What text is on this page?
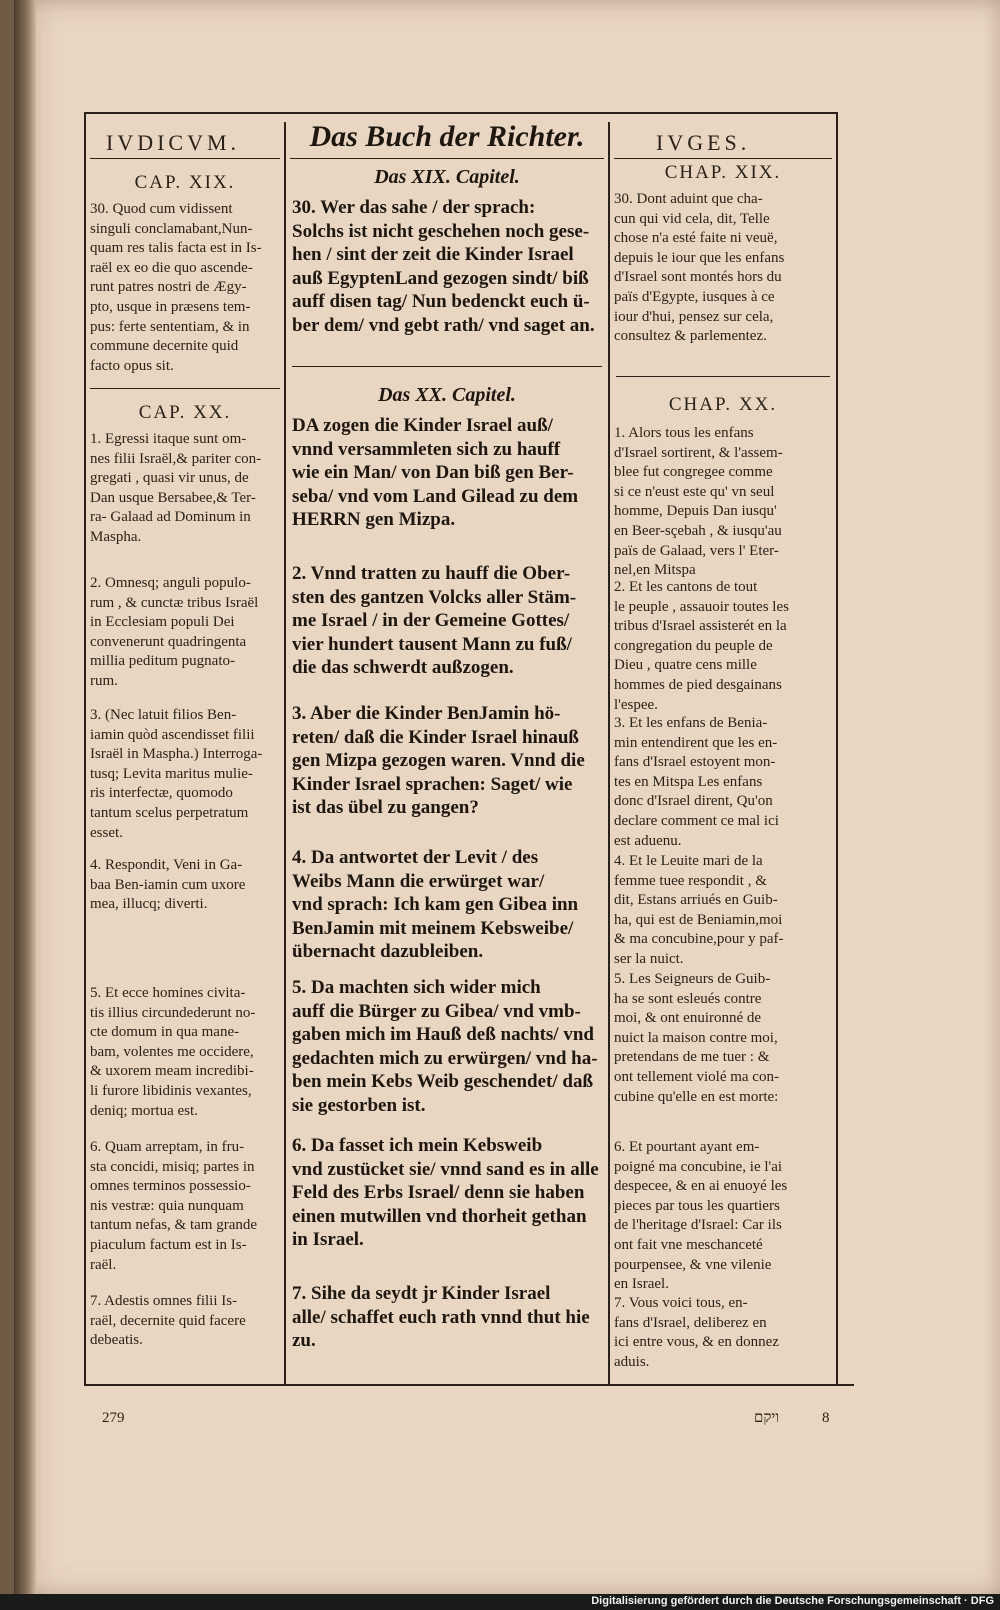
IVDICVM.	Das Buch der Richter.	IVGES.
CAP. XIX.	Das XIX. Capitel.	CHAP. XIX.
30. Quod cum vidissent
singuli conclamabant,Nun-
quam res talis facta est in Is-
raël ex eo die quo ascende-
runt patres nostri de Ægy-
pto, usque in præsens tem-
pus: ferte sententiam, & in
commune decernite quid
facto opus sit.
30. Wer das sahe / der sprach:
Solchs ist nicht geschehen noch gese-
hen / sint der zeit die Kinder Israel
auß EgyptenLand gezogen sindt/ biß
auff disen tag/ Nun bedenckt euch ü-
ber dem/ vnd gebt rath/ vnd saget an.
30. Dont aduint que cha-
cun qui vid cela, dit, Telle
chose n'a esté faite ni veuë,
depuis le iour que les enfans
d'Israel sont montés hors du
païs d'Egypte, iusques à ce
iour d'hui, pensez sur cela,
consultez & parlementez.
CAP. XX.
Das XX. Capitel.	CHAP. XX.
1. Egressi itaque sunt om-
nes filii Israël,& pariter con-
gregati , quasi vir unus, de
Dan usque Bersabee,& Ter-
ra- Galaad ad Dominum in
Maspha.
DA zogen die Kinder Israel auß/
vnnd versammleten sich zu hauff
wie ein Man/ von Dan biß gen Ber-
seba/ vnd vom Land Gilead zu dem
HERRN gen Mizpa.
1. Alors tous les enfans
d'Israel sortirent, & l'assem-
blee fut congregee comme
si ce n'eust este qu' vn seul
homme, Depuis Dan iusqu'
en Beer-sçebah , & iusqu'au
païs de Galaad, vers l' Eter-
nel,en Mitspa
2. Omnesq; anguli populo-
rum , & cunctæ tribus Israël
in Ecclesiam populi Dei
convenerunt quadringenta
millia peditum pugnato-
rum.
2. Vnnd tratten zu hauff die Ober-
sten des gantzen Volcks aller Stäm-
me Israel / in der Gemeine Gottes/
vier hundert tausent Mann zu fuß/
die das schwerdt außzogen.
2. Et les cantons de tout
le peuple , assauoir toutes les
tribus d'Israel assisterét en la
congregation du peuple de
Dieu , quatre cens mille
hommes de pied desgainans
l'espee.
3. (Nec latuit filios Ben-
iamin quòd ascendisset filii
Israël in Maspha.) Interroga-
tusq; Levita maritus mulie-
ris interfectæ, quomodo
tantum scelus perpetratum
esset.
3. Aber die Kinder BenJamin hö-
reten/ daß die Kinder Israel hinauß
gen Mizpa gezogen waren. Vnnd die
Kinder Israel sprachen: Saget/ wie
ist das übel zu gangen?
3. Et les enfans de Benia-
min entendirent que les en-
fans d'Israel estoyent mon-
tes en Mitspa Les enfans
donc d'Israel dirent, Qu'on
declare comment ce mal ici
est aduenu.
4. Respondit, Veni in Ga-
baa Ben-iamin cum uxore
mea, illucq; diverti.
4. Da antwortet der Levit / des
Weibs Mann die erwürget war/
vnd sprach: Ich kam gen Gibea inn
BenJamin mit meinem Kebsweibe/
übernacht dazubleiben.
4. Et le Leuite mari de la
femme tuee respondit , &
dit, Estans arriués en Guib-
ha, qui est de Beniamin,moi
& ma concubine,pour y paf-
ser la nuict.
5. Et ecce homines civita-
tis illius circundederunt no-
cte domum in qua mane-
bam, volentes me occidere,
& uxorem meam incredibi-
li furore libidinis vexantes,
deniq; mortua est.
5. Da machten sich wider mich
auff die Bürger zu Gibea/ vnd vmb-
gaben mich im Hauß deß nachts/ vnd
gedachten mich zu erwürgen/ vnd ha-
ben mein Kebs Weib geschendet/ daß
sie gestorben ist.
5. Les Seigneurs de Guib-
ha se sont esleués contre
moi, & ont enuironné de
nuict la maison contre moi,
pretendans de me tuer : &
ont tellement violé ma con-
cubine qu'elle en est morte:
6. Quam arreptam, in fru-
sta concidi, misiq; partes in
omnes terminos possessio-
nis vestræ: quia nunquam
tantum nefas, & tam grande
piaculum factum est in Is-
raël.
6. Da fasset ich mein Kebsweib
vnd zustücket sie/ vnnd sand es in alle
Feld des Erbs Israel/ denn sie haben
einen mutwillen vnd thorheit gethan
in Israel.
6. Et pourtant ayant em-
poigné ma concubine, ie l'ai
despecee, & en ai enuoyé les
pieces par tous les quartiers
de l'heritage d'Israel: Car ils
ont fait vne meschanceté
pourpensee, & vne vilenie
en Israel.
7. Adestis omnes filii Is-
raël, decernite quid facere
debeatis.
7. Sihe da seydt jr Kinder Israel
alle/ schaffet euch rath vnnd thut hie
zu.
7. Vous voici tous, en-
fans d'Israel, deliberez en
ici entre vous, & en donnez
aduis.
279	ויקם	8
Digitalisierung gefördert durch die Deutsche Forschungsgemeinschaft · DFG
